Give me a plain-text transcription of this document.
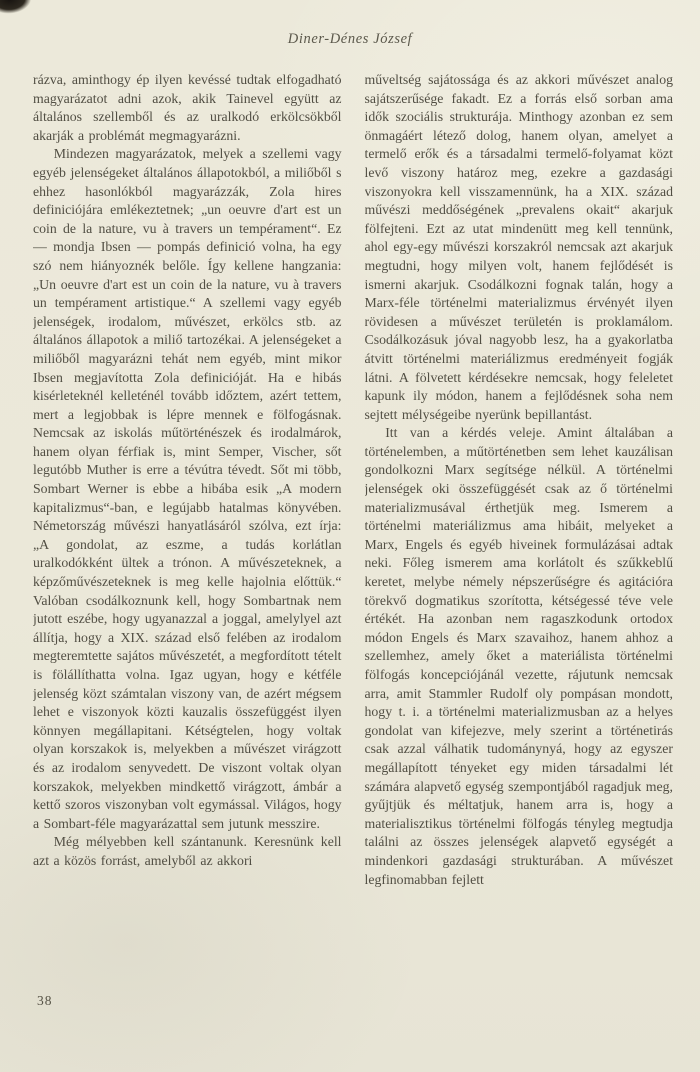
Diner-Dénes József

rázva, aminthogy ép ilyen kevéssé tudtak elfogadható magyarázatot adni azok, akik Tainevel együtt az általános szellemből és az uralkodó erkölcsökből akarják a problémát megmagyarázni.

Mindezen magyarázatok, melyek a szellemi vagy egyéb jelenségeket általános állapotokból, a miliőből s ehhez hasonlókból magyarázzák, Zola hires definiciójára emlékeztetnek; „un oeuvre d'art est un coin de la nature, vu à travers un tempérament“. Ez — mondja Ibsen — pompás definició volna, ha egy szó nem hiányoznék belőle. Így kellene hangzania: „Un oeuvre d'art est un coin de la nature, vu à travers un tempérament artistique.“ A szellemi vagy egyéb jelenségek, irodalom, művészet, erkölcs stb. az általános állapotok a miliő tartozékai. A jelenségeket a miliőből magyarázni tehát nem egyéb, mint mikor Ibsen megjavította Zola definicióját. Ha e hibás kisérleteknél kelleténél tovább időztem, azért tettem, mert a legjobbak is lépre mennek e fölfogásnak. Nemcsak az iskolás műtörténészek és irodalmárok, hanem olyan férfiak is, mint Semper, Vischer, sőt legutóbb Muther is erre a tévútra tévedt. Sőt mi több, Sombart Werner is ebbe a hibába esik „A modern kapitalizmus“-ban, e legújabb hatalmas könyvében. Németország művészi hanyatlásáról szólva, ezt írja: „A gondolat, az eszme, a tudás korlátlan uralkodókként ültek a trónon. A művészeteknek, a képzőművészeteknek is meg kelle hajolnia előttük.“ Valóban csodálkoznunk kell, hogy Sombartnak nem jutott eszébe, hogy ugyanazzal a joggal, amelylyel azt állítja, hogy a XIX. század első felében az irodalom megteremtette sajátos művészetét, a megfordított tételt is fölállíthatta volna. Igaz ugyan, hogy e kétféle jelenség közt számtalan viszony van, de azért mégsem lehet e viszonyok közti kauzalis összefüggést ilyen könnyen megállapitani. Kétségtelen, hogy voltak olyan korszakok is, melyekben a művészet virágzott és az irodalom senyvedett. De viszont voltak olyan korszakok, melyekben mindkettő virágzott, ámbár a kettő szoros viszonyban volt egymással. Világos, hogy a Sombart-féle magyarázattal sem jutunk messzire.

Még mélyebben kell szántanunk. Keresnünk kell azt a közös forrást, amelyből az akkori

műveltség sajátossága és az akkori művészet analog sajátszerűsége fakadt. Ez a forrás első sorban ama idők szociális strukturája. Minthogy azonban ez sem önmagáért létező dolog, hanem olyan, amelyet a termelő erők és a társadalmi termelő-folyamat közt levő viszony határoz meg, ezekre a gazdasági viszonyokra kell visszamennünk, ha a XIX. század művészi meddőségének „prevalens okait“ akarjuk fölfejteni. Ezt az utat mindenütt meg kell tennünk, ahol egy-egy művészi korszakról nemcsak azt akarjuk megtudni, hogy milyen volt, hanem fejlődését is ismerni akarjuk. Csodálkozni fognak talán, hogy a Marx-féle történelmi materializmus érvényét ilyen rövidesen a művészet területén is proklamálom. Csodálkozásuk jóval nagyobb lesz, ha a gyakorlatba átvitt történelmi materiálizmus eredményeit fogják látni. A fölvetett kérdésekre nemcsak, hogy feleletet kapunk ily módon, hanem a fejlődésnek soha nem sejtett mélységeibe nyerünk bepillantást.

Itt van a kérdés veleje. Amint általában a történelemben, a műtörténetben sem lehet kauzálisan gondolkozni Marx segítsége nélkül. A történelmi jelenségek oki összefüggését csak az ő történelmi materializmusával érthetjük meg. Ismerem a történelmi materiálizmus ama hibáit, melyeket a Marx, Engels és egyéb hiveinek formulázásai adtak neki. Főleg ismerem ama korlátolt és szűkkeblű keretet, melybe némely népszerűségre és agitációra törekvő dogmatikus szorította, kétségessé téve vele értékét. Ha azonban nem ragaszkodunk ortodox módon Engels és Marx szavaihoz, hanem ahhoz a szellemhez, amely őket a materiálista történelmi fölfogás koncepciójánál vezette, rájutunk nemcsak arra, amit Stammler Rudolf oly pompásan mondott, hogy t. i. a történelmi materializmusban az a helyes gondolat van kifejezve, mely szerint a történetirás csak azzal válhatik tudománynyá, hogy az egyszer megállapított tényeket egy miden társadalmi lét számára alapvető egység szempontjából ragadjuk meg, gyűjtjük és méltatjuk, hanem arra is, hogy a materialisztikus történelmi fölfogás tényleg megtudja találni az összes jelenségek alapvető egységét a mindenkori gazdasági strukturában. A művészet legfinomabban fejlett

38
